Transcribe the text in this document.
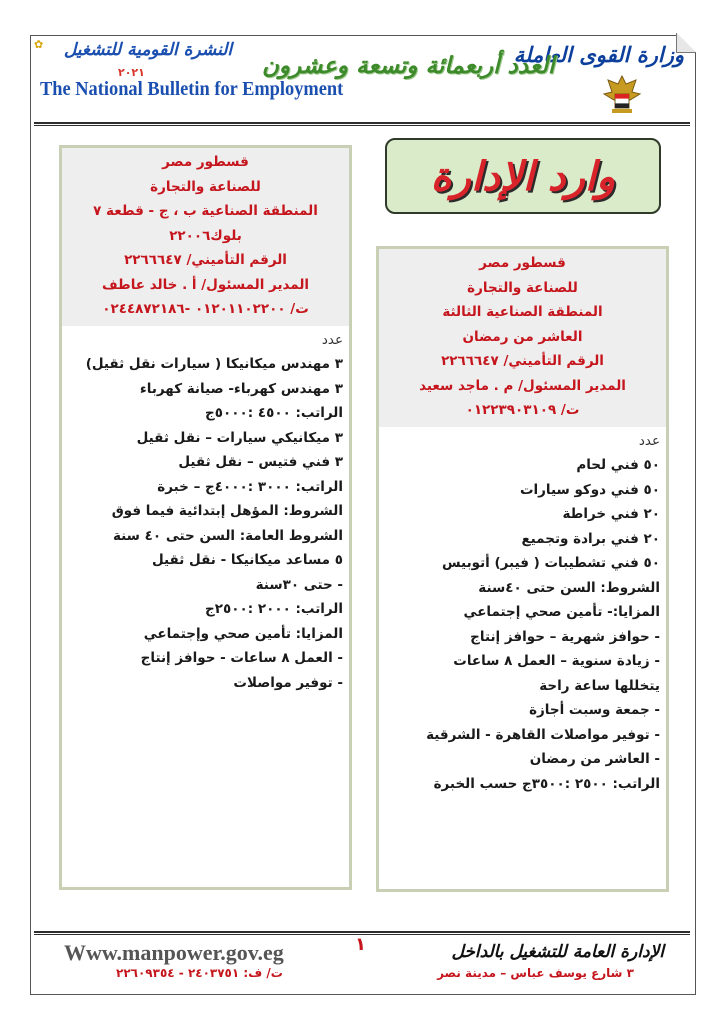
✿	وزارة القوى العاملة
العدد أربعمائة وتسعة وعشرون
النشرة القومية للتشغيل
٢٠٢١
The National Bulletin for Employment
وارد الإدارة
قسطور مصر
للصناعة والتجارة
المنطقة الصناعية ب ، ج - قطعة ٧
بلوك٢٢٠٠٦
الرقم التأميني/ ٢٢٦٦٦٤٧
المدير المسئول/ أ . خالد عاطف
ت/ ٠١٢٠١١٠٢٢٠٠ -٠٢٤٤٨٧٢١٨٦
عدد
٣ مهندس ميكانيكا ( سيارات نقل ثقيل)
٣ مهندس كهرباء- صيانة كهرباء
الراتب: ٤٥٠٠ :٥٠٠٠ج
٣ ميكانيكي سيارات – نقل ثقيل
٣ فني فتيس – نقل ثقيل
الراتب: ٣٠٠٠ :٤٠٠٠ج – خبرة
الشروط: المؤهل إبتدائية فيما فوق
الشروط العامة: السن حتى ٤٠ سنة
٥ مساعد ميكانيكا - نقل ثقيل
- حتى ٣٠سنة
الراتب: ٢٠٠٠ :٢٥٠٠ج
المزايا: تأمين صحي وإجتماعي
- العمل ٨ ساعات - حوافز إنتاج
- توفير مواصلات
قسطور مصر
للصناعة والتجارة
المنطقة الصناعية الثالثة
العاشر من رمضان
الرقم التأميني/ ٢٢٦٦٦٤٧
المدير المسئول/ م . ماجد سعيد
ت/ ٠١٢٢٣٩٠٣١٠٩
عدد
٥٠ فني لحام
٥٠ فني دوكو سيارات
٢٠ فني خراطة
٢٠ فني برادة وتجميع
٥٠ فني تشطيبات ( فيبر) أتوبيس
الشروط: السن حتى ٤٠سنة
المزايا:- تأمين صحي إجتماعي
- حوافز شهرية – حوافز إنتاج
- زيادة سنوية – العمل ٨ ساعات
يتخللها ساعة راحة
- جمعة وسبت أجازة
- توفير مواصلات القاهرة - الشرقية
- العاشر من رمضان
الراتب: ٢٥٠٠ :٣٥٠٠ج حسب الخبرة
١	الإدارة العامة للتشغيل بالداخل
٣ شارع يوسف عباس – مدينة نصر
Www.manpower.gov.eg
ت/ ف: ٢٤٠٣٧٥١ - ٢٢٦٠٩٣٥٤
